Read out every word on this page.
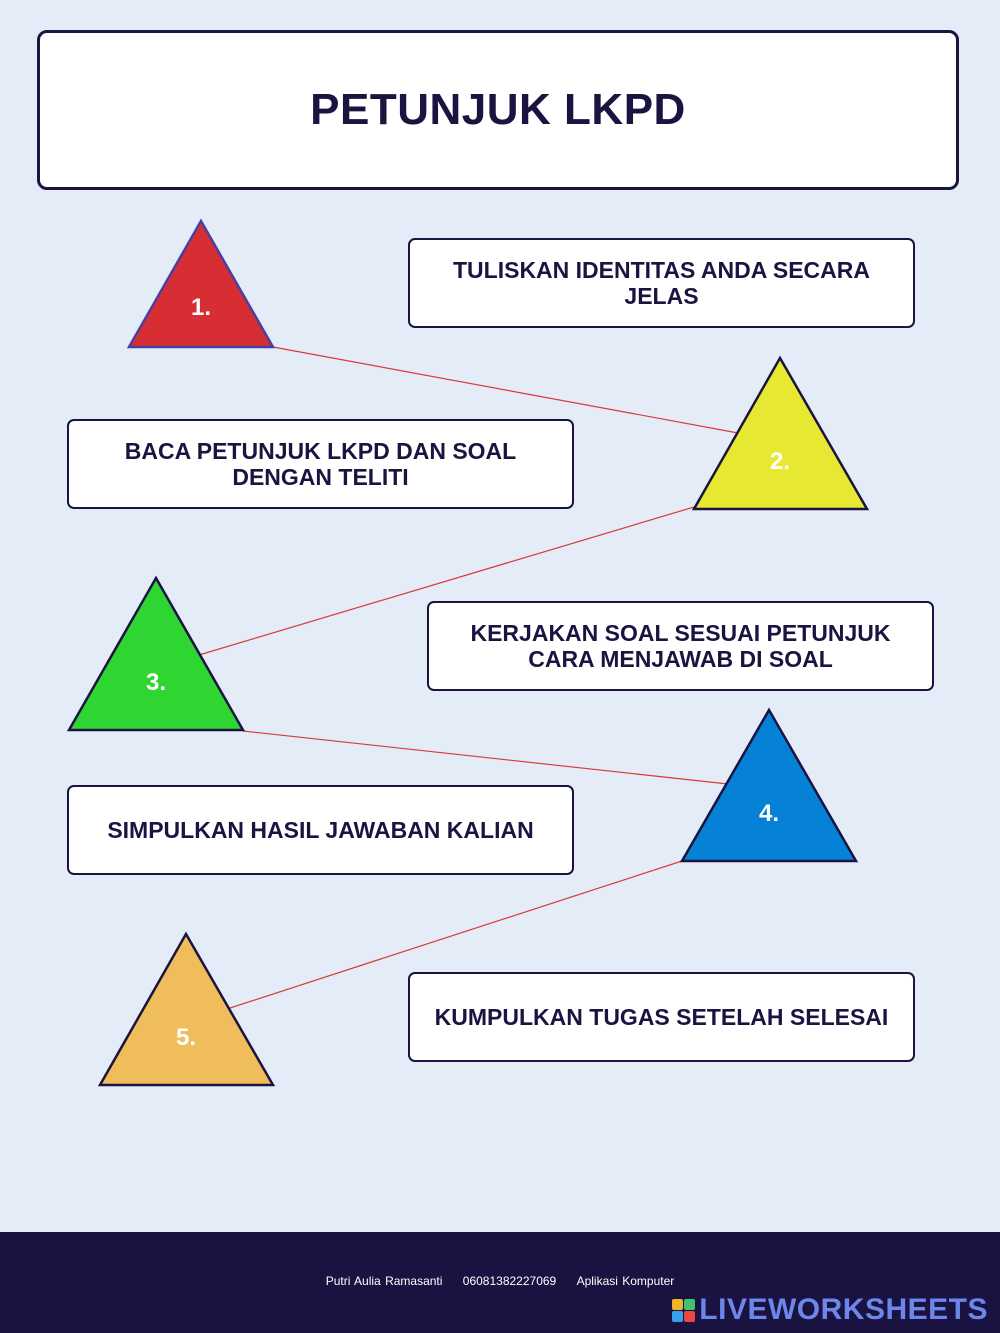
PETUNJUK LKPD
TULISKAN IDENTITAS ANDA SECARA JELAS
BACA PETUNJUK LKPD DAN SOAL DENGAN TELITI
KERJAKAN SOAL SESUAI PETUNJUK CARA MENJAWAB DI SOAL
SIMPULKAN HASIL JAWABAN KALIAN
KUMPULKAN TUGAS SETELAH SELESAI
1.
2.
3.
4.
5.
Putri Aulia Ramasanti 06081382227069 Aplikasi Komputer
LIVEWORKSHEETS
